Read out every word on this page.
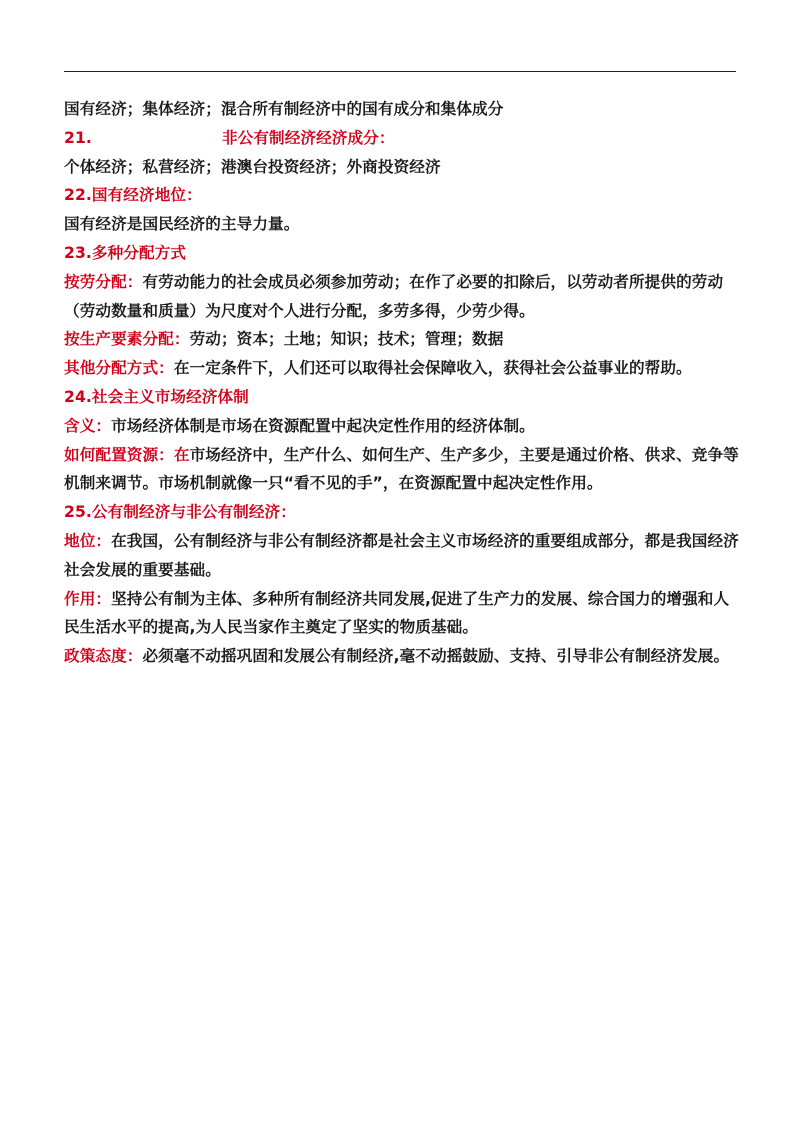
国有经济；集体经济；混合所有制经济中的国有成分和集体成分

21.	非公有制经济经济成分：

个体经济；私营经济；港澳台投资经济；外商投资经济

22.国有经济地位：

国有经济是国民经济的主导力量。

23.多种分配方式

按劳分配：有劳动能力的社会成员必须参加劳动；在作了必要的扣除后，以劳动者所提供的劳动（劳动数量和质量）为尺度对个人进行分配，多劳多得，少劳少得。

按生产要素分配：劳动；资本；土地；知识；技术；管理；数据

其他分配方式：在一定条件下，人们还可以取得社会保障收入，获得社会公益事业的帮助。

24.社会主义市场经济体制

含义：市场经济体制是市场在资源配置中起决定性作用的经济体制。

如何配置资源：在市场经济中，生产什么、如何生产、生产多少，主要是通过价格、供求、竞争等机制来调节。市场机制就像一只“看不见的手”，在资源配置中起决定性作用。

25.公有制经济与非公有制经济：

地位：在我国，公有制经济与非公有制经济都是社会主义市场经济的重要组成部分，都是我国经济社会发展的重要基础。

作用：坚持公有制为主体、多种所有制经济共同发展,促进了生产力的发展、综合国力的增强和人民生活水平的提高,为人民当家作主奠定了坚实的物质基础。

政策态度：必须毫不动摇巩固和发展公有制经济,毫不动摇鼓励、支持、引导非公有制经济发展。
